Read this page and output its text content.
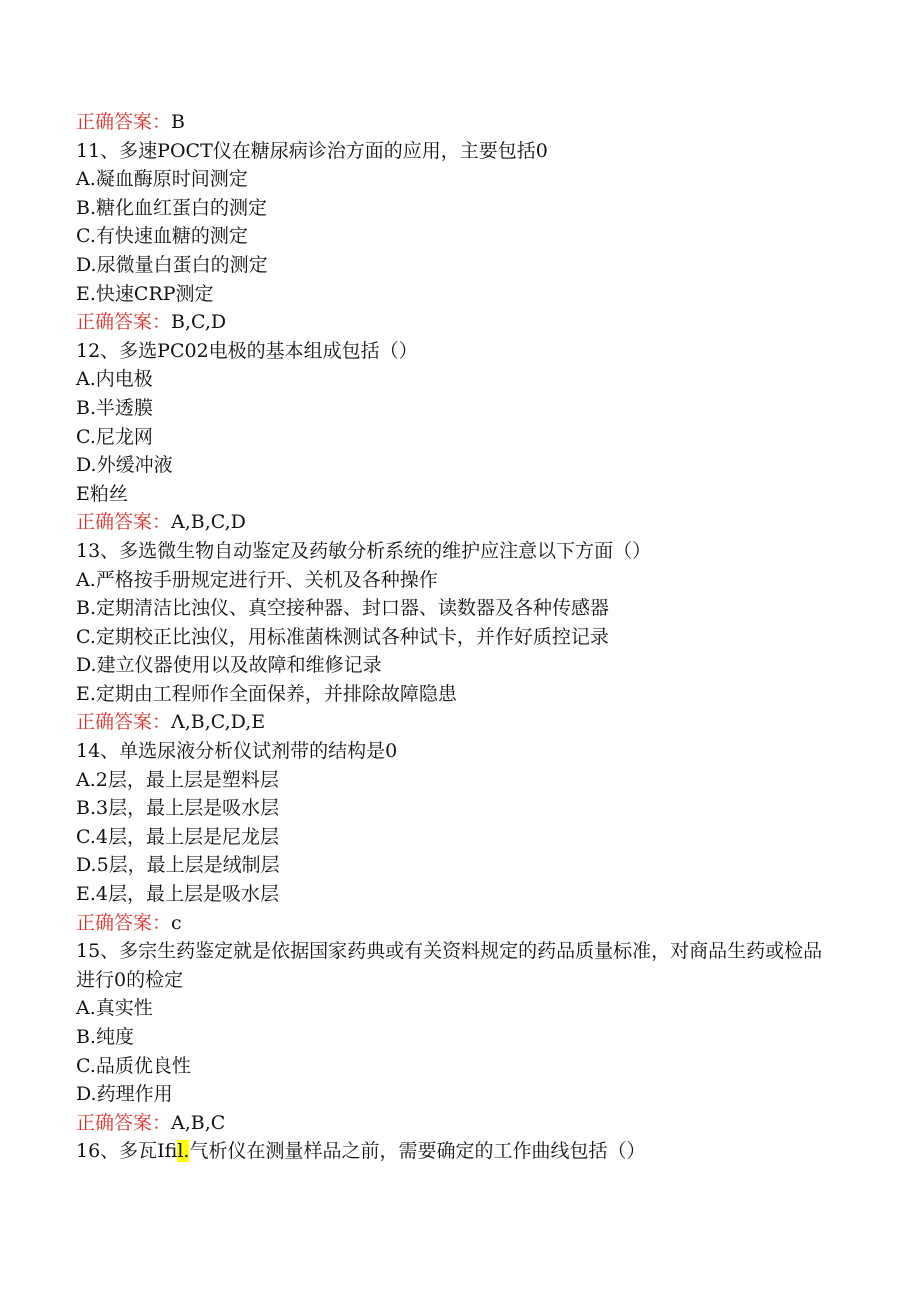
正确答案：B
11、多速POCT仪在糖尿病诊治方面的应用，主要包括0
A.凝血酶原时间测定
B.糖化血红蛋白的测定
C.有快速血糖的测定
D.尿微量白蛋白的测定
E.快速CRP测定
正确答案：B,C,D
12、多选PC02电极的基本组成包括（）
A.内电极
B.半透膜
C.尼龙网
D.外缓冲液
E粕丝
正确答案：A,B,C,D
13、多选微生物自动鉴定及药敏分析系统的维护应注意以下方面（）
A.严格按手册规定进行开、关机及各种操作
B.定期清洁比浊仪、真空接种器、封口器、读数器及各种传感器
C.定期校正比浊仪，用标准菌株测试各种试卡，并作好质控记录
D.建立仪器使用以及故障和维修记录
E.定期由工程师作全面保养，并排除故障隐患
正确答案：Λ,B,C,D,E
14、单选尿液分析仪试剂带的结构是0
A.2层，最上层是塑料层
B.3层，最上层是吸水层
C.4层，最上层是尼龙层
D.5层，最上层是绒制层
E.4层，最上层是吸水层
正确答案：c
15、多宗生药鉴定就是依据国家药典或有关资料规定的药品质量标准，对商品生药或检品进行0的检定
A.真实性
B.纯度
C.品质优良性
D.药理作用
正确答案：A,B,C
16、多瓦Ifil.气析仪在测量样品之前，需要确定的工作曲线包括（）
